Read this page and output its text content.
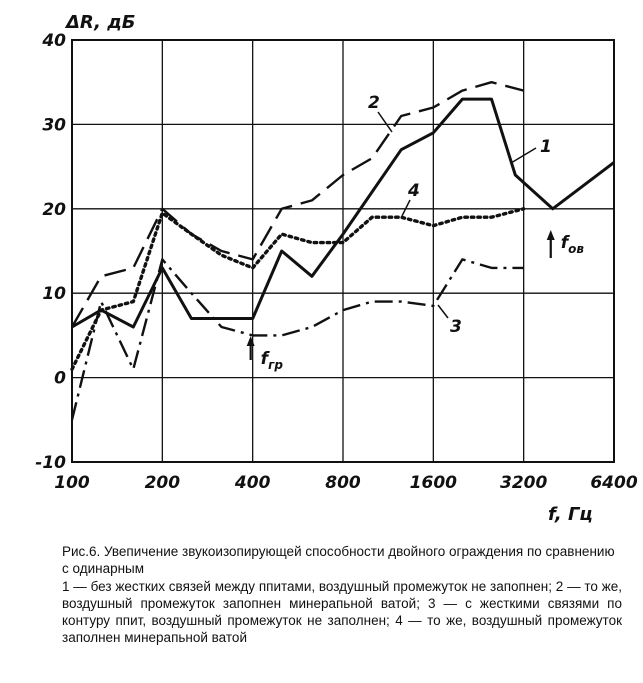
100	200	400	800	1600	3200	6400
-10
0
10
20
30
40
1
2
3
4
$f_{гр}$
$f_{ов}$
ΔR, дБ
f, Гц
Рис.6. Увепичение звукоизопирующей способности двойного ограждения по сравнению с одинарным
1 — без жестких связей между ппитами, воздушный промежуток не запопнен; 2 — то же, воздушный промежуток запопнен минерапьной ватой; 3 — с жесткими связями по контуру ппит, воздушный промежуток не заполнен; 4 — то же, воздушный промежуток заполнен минерапьной ватой
